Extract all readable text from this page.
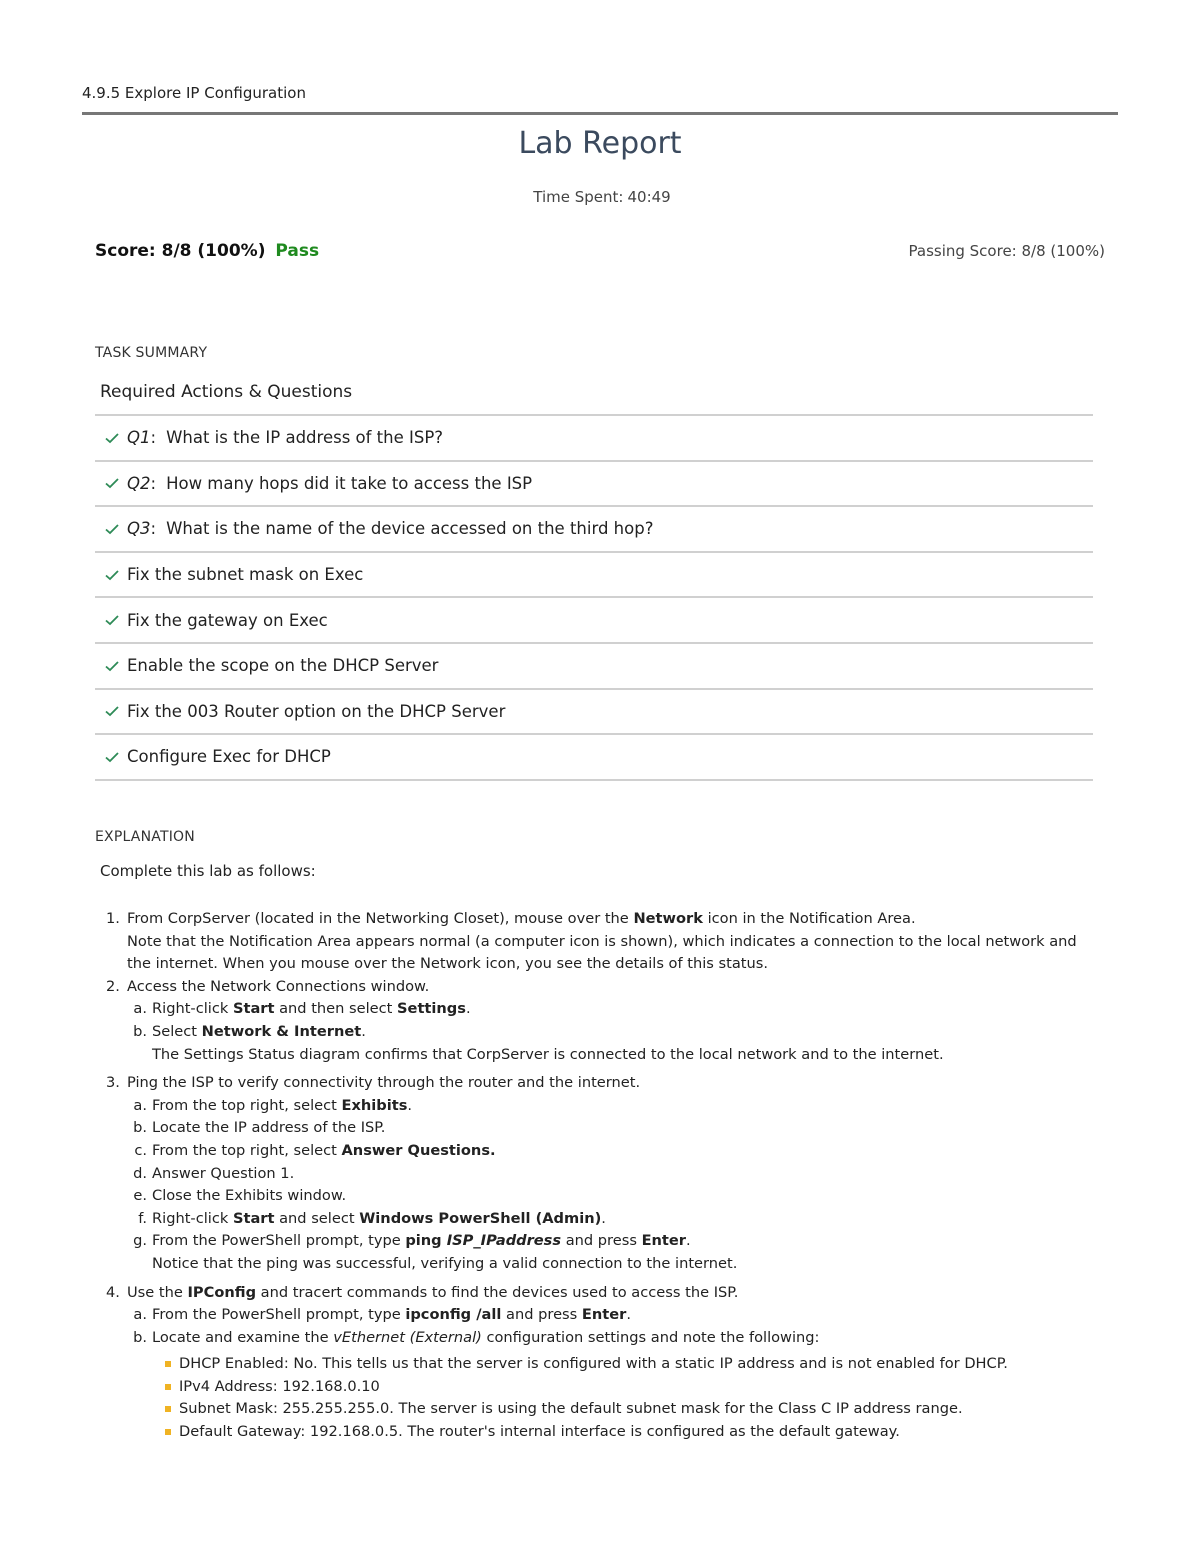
4.9.5 Explore IP Configuration
Lab Report
Time Spent: 40:49
Score: 8/8 (100%) Pass	Passing Score: 8/8 (100%)
TASK SUMMARY
Required Actions & Questions
Q1 : What is the IP address of the ISP?
Q2 : How many hops did it take to access the ISP
Q3 : What is the name of the device accessed on the third hop?
Fix the subnet mask on Exec
Fix the gateway on Exec
Enable the scope on the DHCP Server
Fix the 003 Router option on the DHCP Server
Configure Exec for DHCP
EXPLANATION
Complete this lab as follows:
1. From CorpServer (located in the Networking Closet), mouse over the Network icon in the Notification Area.
Note that the Notification Area appears normal (a computer icon is shown), which indicates a connection to the local network and the internet. When you mouse over the Network icon, you see the details of this status.
2. Access the Network Connections window.
a. Right-click Start and then select Settings.
b. Select Network & Internet.
The Settings Status diagram confirms that CorpServer is connected to the local network and to the internet.
3. Ping the ISP to verify connectivity through the router and the internet.
a. From the top right, select Exhibits.
b. Locate the IP address of the ISP.
c. From the top right, select Answer Questions.
d. Answer Question 1.
e. Close the Exhibits window.
f. Right-click Start and select Windows PowerShell (Admin).
g. From the PowerShell prompt, type ping ISP_IPaddress and press Enter.
Notice that the ping was successful, verifying a valid connection to the internet.
4. Use the IPConfig and tracert commands to find the devices used to access the ISP.
a. From the PowerShell prompt, type ipconfig /all and press Enter.
b. Locate and examine the vEthernet (External) configuration settings and note the following:
DHCP Enabled: No. This tells us that the server is configured with a static IP address and is not enabled for DHCP.
IPv4 Address: 192.168.0.10
Subnet Mask: 255.255.255.0. The server is using the default subnet mask for the Class C IP address range.
Default Gateway: 192.168.0.5. The router's internal interface is configured as the default gateway.
